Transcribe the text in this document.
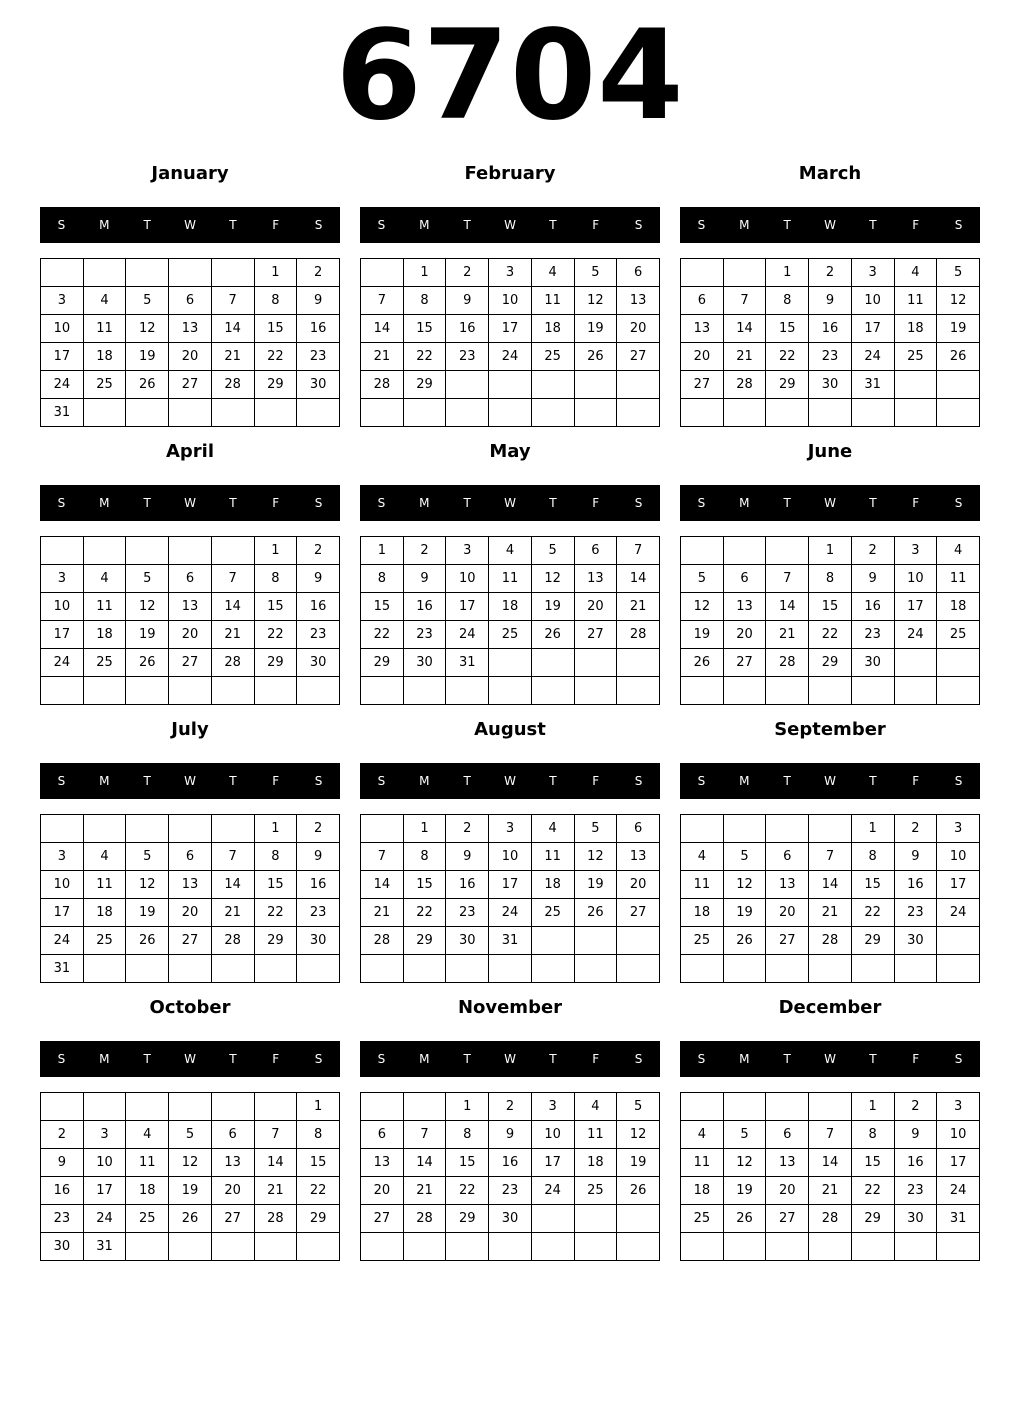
6704
January
S	M	T	W	T	F	S
					1	2
3	4	5	6	7	8	9
10	11	12	13	14	15	16
17	18	19	20	21	22	23
24	25	26	27	28	29	30
31						
February
S	M	T	W	T	F	S
	1	2	3	4	5	6
7	8	9	10	11	12	13
14	15	16	17	18	19	20
21	22	23	24	25	26	27
28	29					

March
S	M	T	W	T	F	S
		1	2	3	4	5
6	7	8	9	10	11	12
13	14	15	16	17	18	19
20	21	22	23	24	25	26
27	28	29	30	31		

April
S	M	T	W	T	F	S
					1	2
3	4	5	6	7	8	9
10	11	12	13	14	15	16
17	18	19	20	21	22	23
24	25	26	27	28	29	30

May
S	M	T	W	T	F	S
1	2	3	4	5	6	7
8	9	10	11	12	13	14
15	16	17	18	19	20	21
22	23	24	25	26	27	28
29	30	31				

June
S	M	T	W	T	F	S
			1	2	3	4
5	6	7	8	9	10	11
12	13	14	15	16	17	18
19	20	21	22	23	24	25
26	27	28	29	30		

July
S	M	T	W	T	F	S
					1	2
3	4	5	6	7	8	9
10	11	12	13	14	15	16
17	18	19	20	21	22	23
24	25	26	27	28	29	30
31						
August
S	M	T	W	T	F	S
	1	2	3	4	5	6
7	8	9	10	11	12	13
14	15	16	17	18	19	20
21	22	23	24	25	26	27
28	29	30	31			

September
S	M	T	W	T	F	S
				1	2	3
4	5	6	7	8	9	10
11	12	13	14	15	16	17
18	19	20	21	22	23	24
25	26	27	28	29	30	

October
S	M	T	W	T	F	S
						1
2	3	4	5	6	7	8
9	10	11	12	13	14	15
16	17	18	19	20	21	22
23	24	25	26	27	28	29
30	31					
November
S	M	T	W	T	F	S
		1	2	3	4	5
6	7	8	9	10	11	12
13	14	15	16	17	18	19
20	21	22	23	24	25	26
27	28	29	30			

December
S	M	T	W	T	F	S
				1	2	3
4	5	6	7	8	9	10
11	12	13	14	15	16	17
18	19	20	21	22	23	24
25	26	27	28	29	30	31
